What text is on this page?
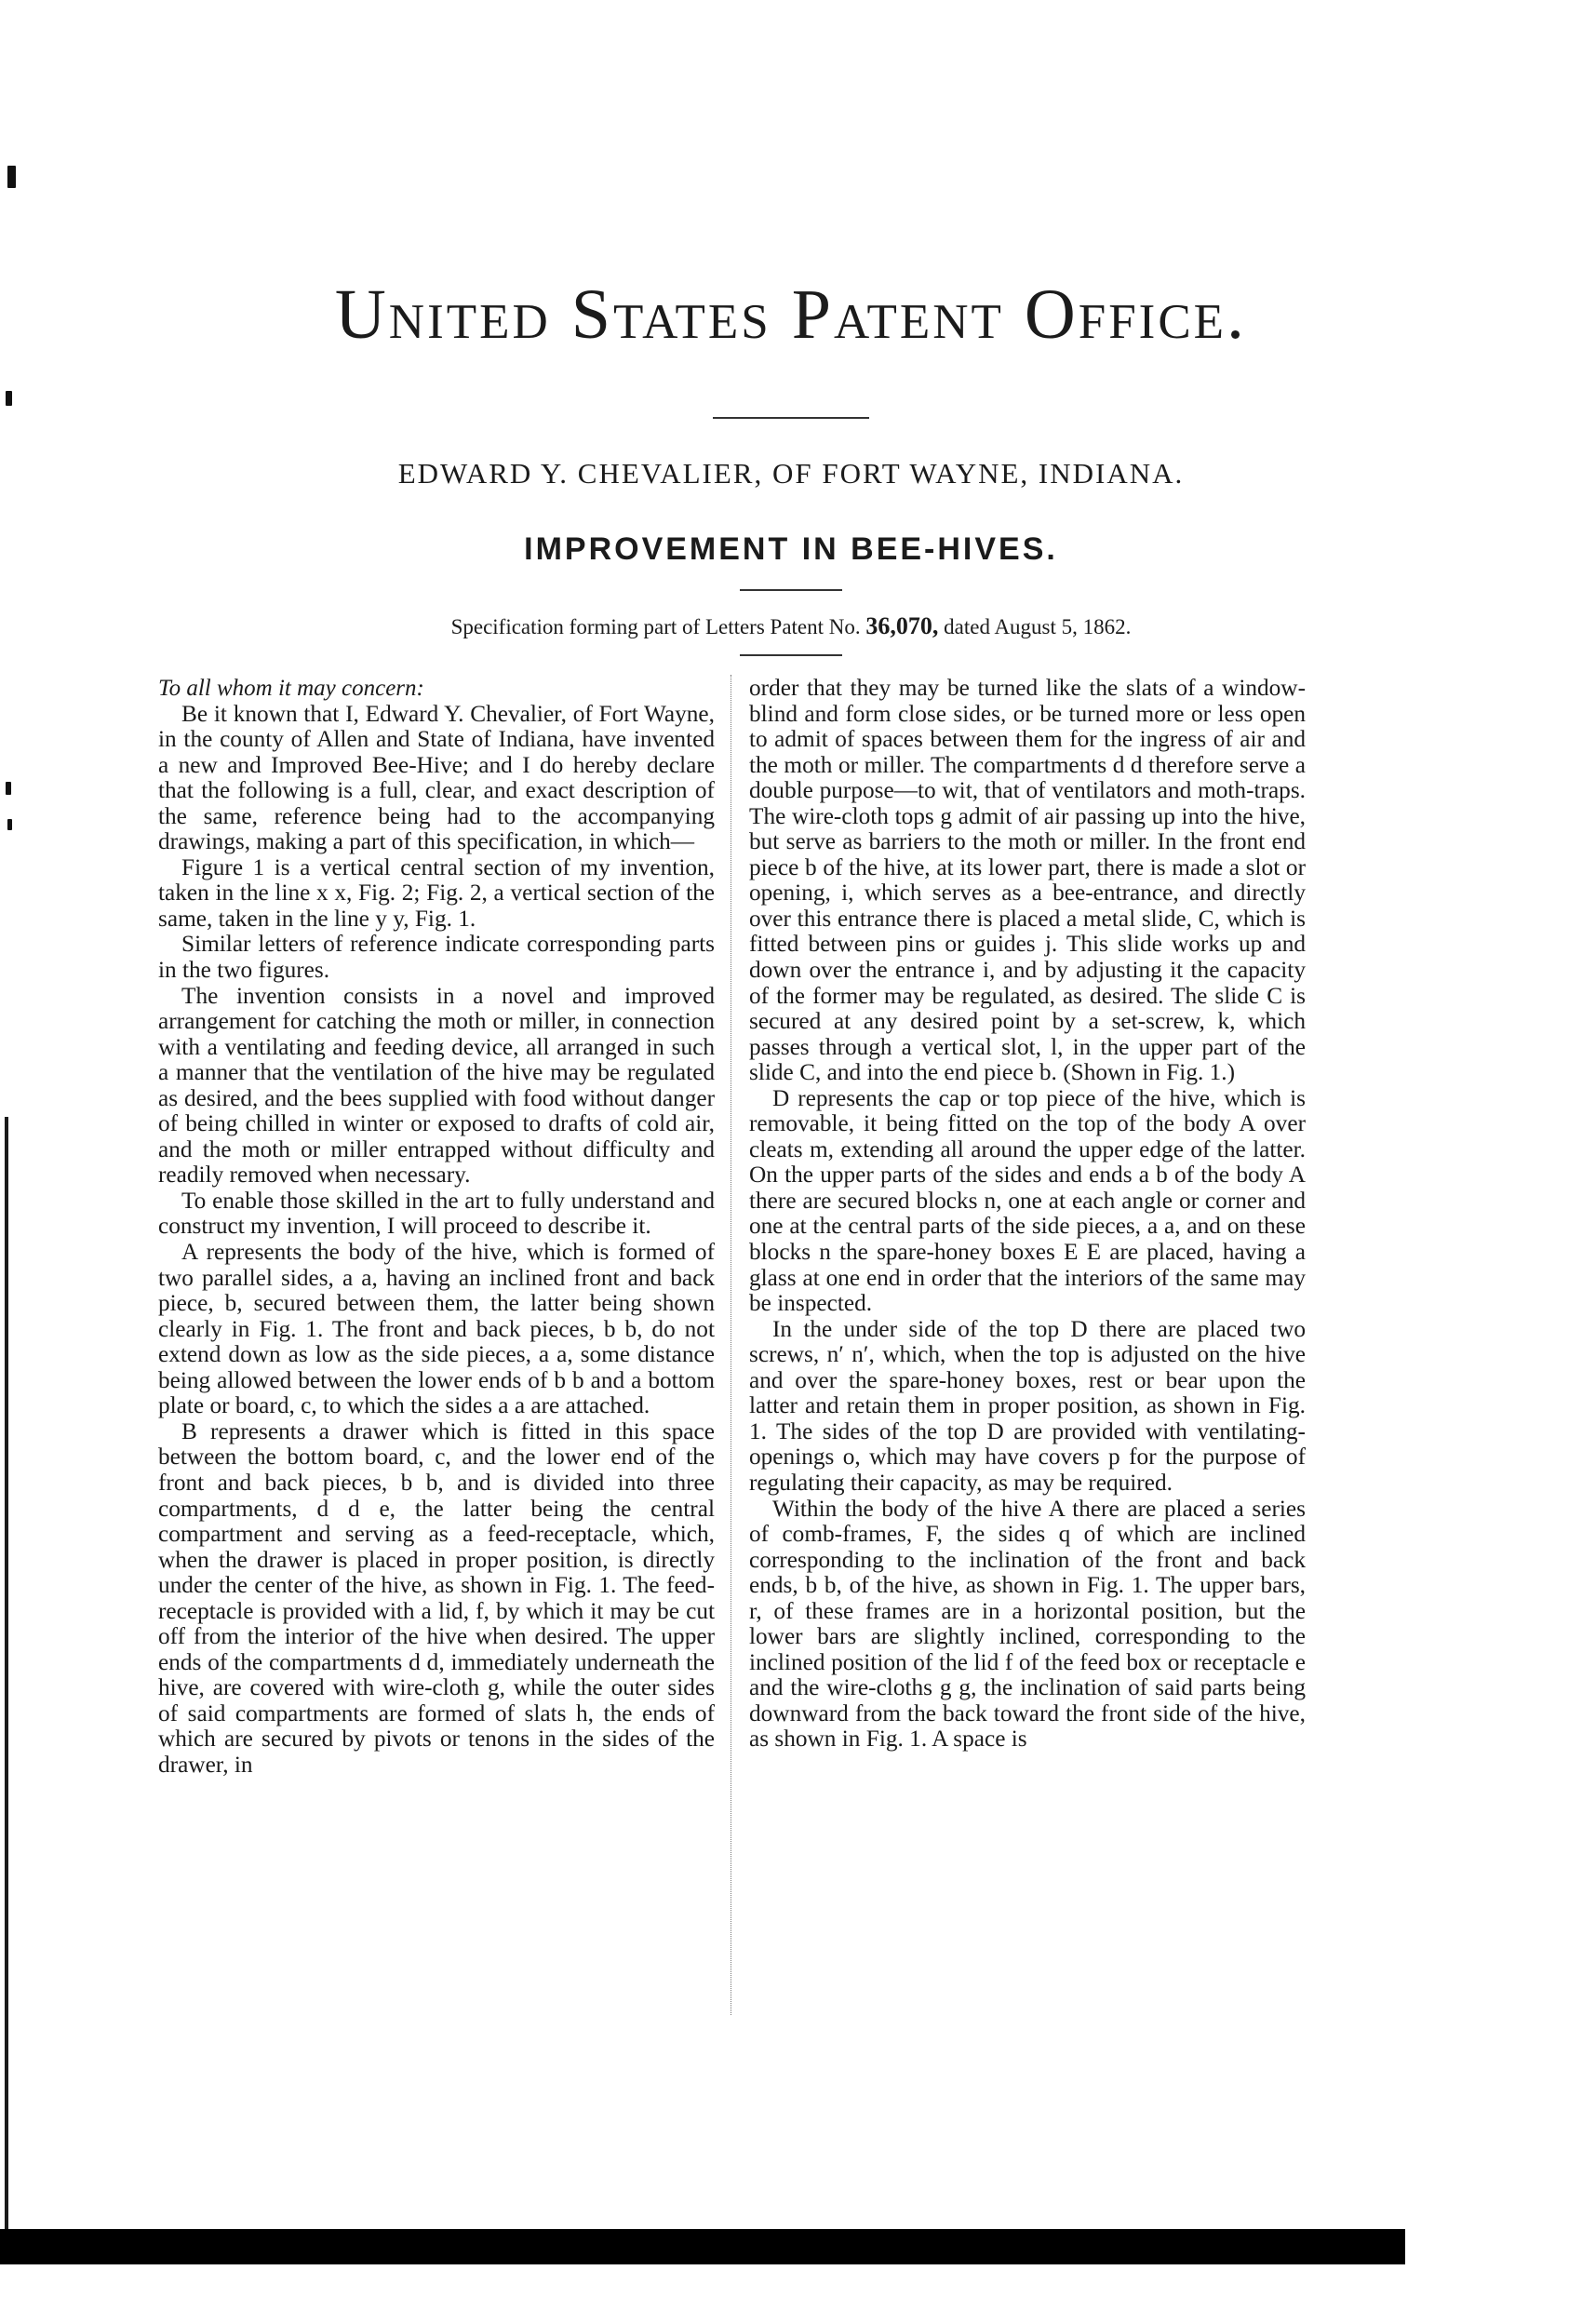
United States Patent Office.
EDWARD Y. CHEVALIER, OF FORT WAYNE, INDIANA.
IMPROVEMENT IN BEE-HIVES.
Specification forming part of Letters Patent No. 36,070, dated August 5, 1862.

To all whom it may concern:

Be it known that I, Edward Y. Chevalier, of Fort Wayne, in the county of Allen and State of Indiana, have invented a new and Improved Bee-Hive; and I do hereby declare that the following is a full, clear, and exact description of the same, reference being had to the accompanying drawings, making a part of this specification, in which—

Figure 1 is a vertical central section of my invention, taken in the line x x, Fig. 2; Fig. 2, a vertical section of the same, taken in the line y y, Fig. 1.

Similar letters of reference indicate corresponding parts in the two figures.

The invention consists in a novel and improved arrangement for catching the moth or miller, in connection with a ventilating and feeding device, all arranged in such a manner that the ventilation of the hive may be regulated as desired, and the bees supplied with food without danger of being chilled in winter or exposed to drafts of cold air, and the moth or miller entrapped without difficulty and readily removed when necessary.

To enable those skilled in the art to fully understand and construct my invention, I will proceed to describe it.

A represents the body of the hive, which is formed of two parallel sides, a a, having an inclined front and back piece, b, secured between them, the latter being shown clearly in Fig. 1. The front and back pieces, b b, do not extend down as low as the side pieces, a a, some distance being allowed between the lower ends of b b and a bottom plate or board, c, to which the sides a a are attached.

B represents a drawer which is fitted in this space between the bottom board, c, and the lower end of the front and back pieces, b b, and is divided into three compartments, d d e, the latter being the central compartment and serving as a feed-receptacle, which, when the drawer is placed in proper position, is directly under the center of the hive, as shown in Fig. 1. The feed-receptacle is provided with a lid, f, by which it may be cut off from the interior of the hive when desired. The upper ends of the compartments d d, immediately underneath the hive, are covered with wire-cloth g, while the outer sides of said compartments are formed of slats h, the ends of which are secured by pivots or tenons in the sides of the drawer, in

order that they may be turned like the slats of a window-blind and form close sides, or be turned more or less open to admit of spaces between them for the ingress of air and the moth or miller. The compartments d d therefore serve a double purpose—to wit, that of ventilators and moth-traps. The wire-cloth tops g admit of air passing up into the hive, but serve as barriers to the moth or miller. In the front end piece b of the hive, at its lower part, there is made a slot or opening, i, which serves as a bee-entrance, and directly over this entrance there is placed a metal slide, C, which is fitted between pins or guides j. This slide works up and down over the entrance i, and by adjusting it the capacity of the former may be regulated, as desired. The slide C is secured at any desired point by a set-screw, k, which passes through a vertical slot, l, in the upper part of the slide C, and into the end piece b. (Shown in Fig. 1.)

D represents the cap or top piece of the hive, which is removable, it being fitted on the top of the body A over cleats m, extending all around the upper edge of the latter. On the upper parts of the sides and ends a b of the body A there are secured blocks n, one at each angle or corner and one at the central parts of the side pieces, a a, and on these blocks n the spare-honey boxes E E are placed, having a glass at one end in order that the interiors of the same may be inspected.

In the under side of the top D there are placed two screws, n′ n′, which, when the top is adjusted on the hive and over the spare-honey boxes, rest or bear upon the latter and retain them in proper position, as shown in Fig. 1. The sides of the top D are provided with ventilating-openings o, which may have covers p for the purpose of regulating their capacity, as may be required.

Within the body of the hive A there are placed a series of comb-frames, F, the sides q of which are inclined corresponding to the inclination of the front and back ends, b b, of the hive, as shown in Fig. 1. The upper bars, r, of these frames are in a horizontal position, but the lower bars are slightly inclined, corresponding to the inclined position of the lid f of the feed box or receptacle e and the wire-cloths g g, the inclination of said parts being downward from the back toward the front side of the hive, as shown in Fig. 1. A space is
